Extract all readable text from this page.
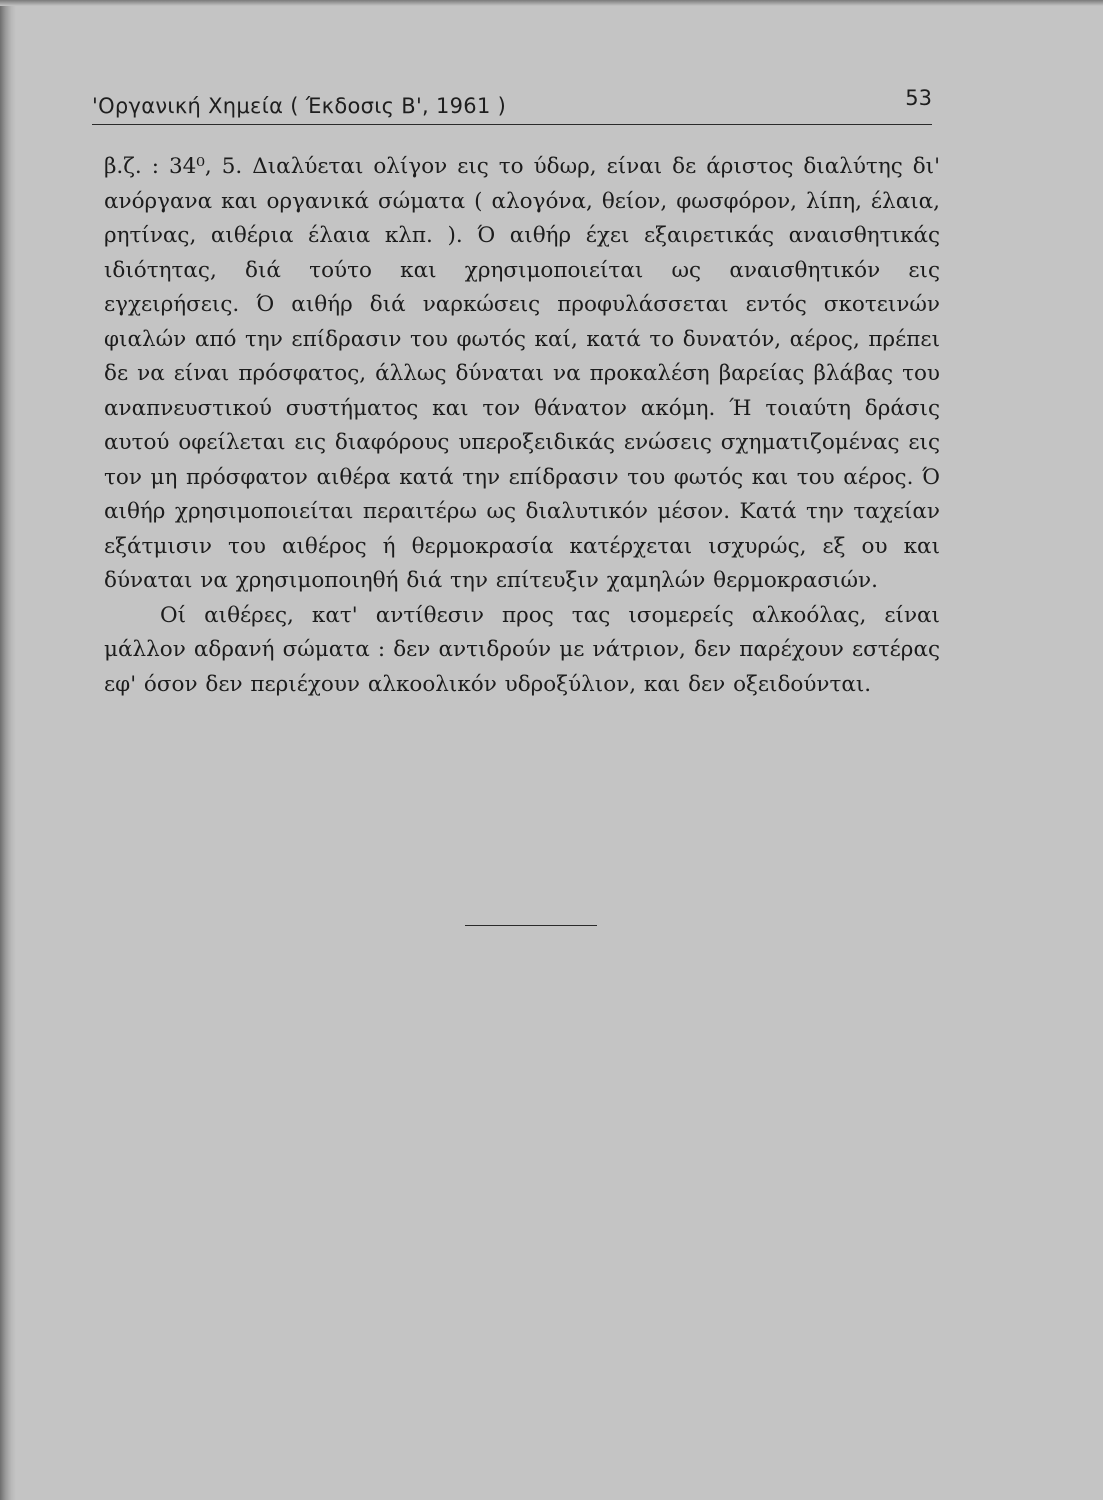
'Οργανική Χημεία ( Έκδοσις Β', 1961 )	53

β.ζ. : 34⁰, 5. Διαλύεται ολίγον εις το ύδωρ, είναι δε άριστος διαλύτης δι' ανόργανα και οργανικά σώματα ( αλογόνα, θείον, φωσφόρον, λίπη, έλαια, ρητίνας, αιθέρια έλαια κλπ. ). Ό αιθήρ έχει εξαιρετικάς αναισθητικάς ιδιότητας, διά τούτο και χρησιμοποιείται ως αναισθητικόν εις εγχειρήσεις. Ό αιθήρ διά ναρκώσεις προφυλάσσεται εντός σκοτεινών φιαλών από την επίδρασιν του φωτός καί, κατά το δυνατόν, αέρος, πρέπει δε να είναι πρόσφατος, άλλως δύναται να προκαλέση βαρείας βλάβας του αναπνευστικού συστήματος και τον θάνατον ακόμη. Ή τοιαύτη δράσις αυτού οφείλεται εις διαφόρους υπεροξειδικάς ενώσεις σχηματιζομένας εις τον μη πρόσφατον αιθέρα κατά την επίδρασιν του φωτός και του αέρος. Ό αιθήρ χρησιμοποιείται περαιτέρω ως διαλυτικόν μέσον. Κατά την ταχείαν εξάτμισιν του αιθέρος ή θερμοκρασία κατέρχεται ισχυρώς, εξ ου και δύναται να χρησιμοποιηθή διά την επίτευξιν χαμηλών θερμοκρασιών.

Οί αιθέρες, κατ' αντίθεσιν προς τας ισομερείς αλκοόλας, είναι μάλλον αδρανή σώματα : δεν αντιδρούν με νάτριον, δεν παρέχουν εστέρας εφ' όσον δεν περιέχουν αλκοολικόν υδροξύλιον, και δεν οξειδούνται.
